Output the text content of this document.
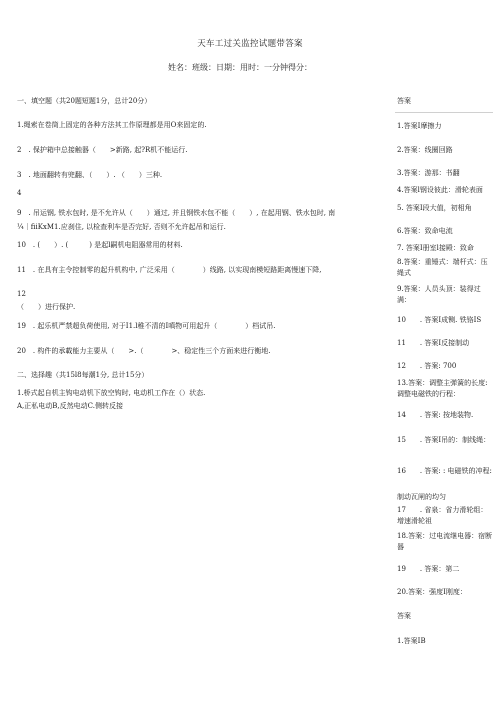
天车工过关监控试题带答案
姓名：班级：日期：用时：一分钟得分：
一、填空题（共20题短题1分，总计20分）
1.绳索在卷筒上固定的各种方法其工作原理都是用O来固定的.
2　. 保护箱中总接触器（　　>新路, 起?R机不能运行.
3　. 地面翻转有兜翻、（　　）. （　　）三种.
4
9　. 吊运钢, 铁水包时, 是不允许从（　　）通过, 并且钢铁水包不能（　　）, 在起用钢、铁水包时, 南
¼｜fiiKxM1.应刹住, 以检查利车是否完好, 否则不允许起吊和运行.
10　. (　　）. (　　　) 是起l嗣机电阻器常用的材料.
11　. 在具有主令控制零的起升机构中, 广泛采用（　　　　）线路, 以实现南模短路距离慢速下降,
12
（　　）进行保护.
19　. 起乐机严禁超负荷使用, 对于I1.l稚不清的I嗔物可用起升（　　　　）档试吊.
20　. 构件的承載能力主要从（　　>.（　　　　>、稳定性三个方面来进行衡地.
二、选择趣（共15l8每潮1分, 总计15分）
1.桥式起自机主钩电动机下放空钩时, 电动机工作在（）状态.
A,正私电动B,反然电动C.侧转反接
答案
1.答案I摩擦力
2.答案：线圈回路
3.答案：游那：书翻
4.答案l钢设彼此：滑轮表面
5. 答案I段大值，初相角
6.答案：致命电流
7. 答案I册室l接殿：致命
8.答案：重锤式：端杆式：压绳式
9.答案：人员头顶：装得过满：
10　　. 答案I成铡. 铁铬IS
11　　. 答案I反接制动
12　　. 答案: 700
13.答案：调整主弹簧的长度: 调整电磁铁的行程：
14　　. 答案: 按地装物.
15　　. 答案I吊的：制线绳：
16　　. 答案: : 电磁铁的冲程:
制动瓦闸的均匀
17　　. 省泉：省力滑轮组：增速滑轮祖
18.答案：过电流继电器：宿断器
19　　. 答案：第二
20.答案：强度I刚度：
答案
1.答案IB
